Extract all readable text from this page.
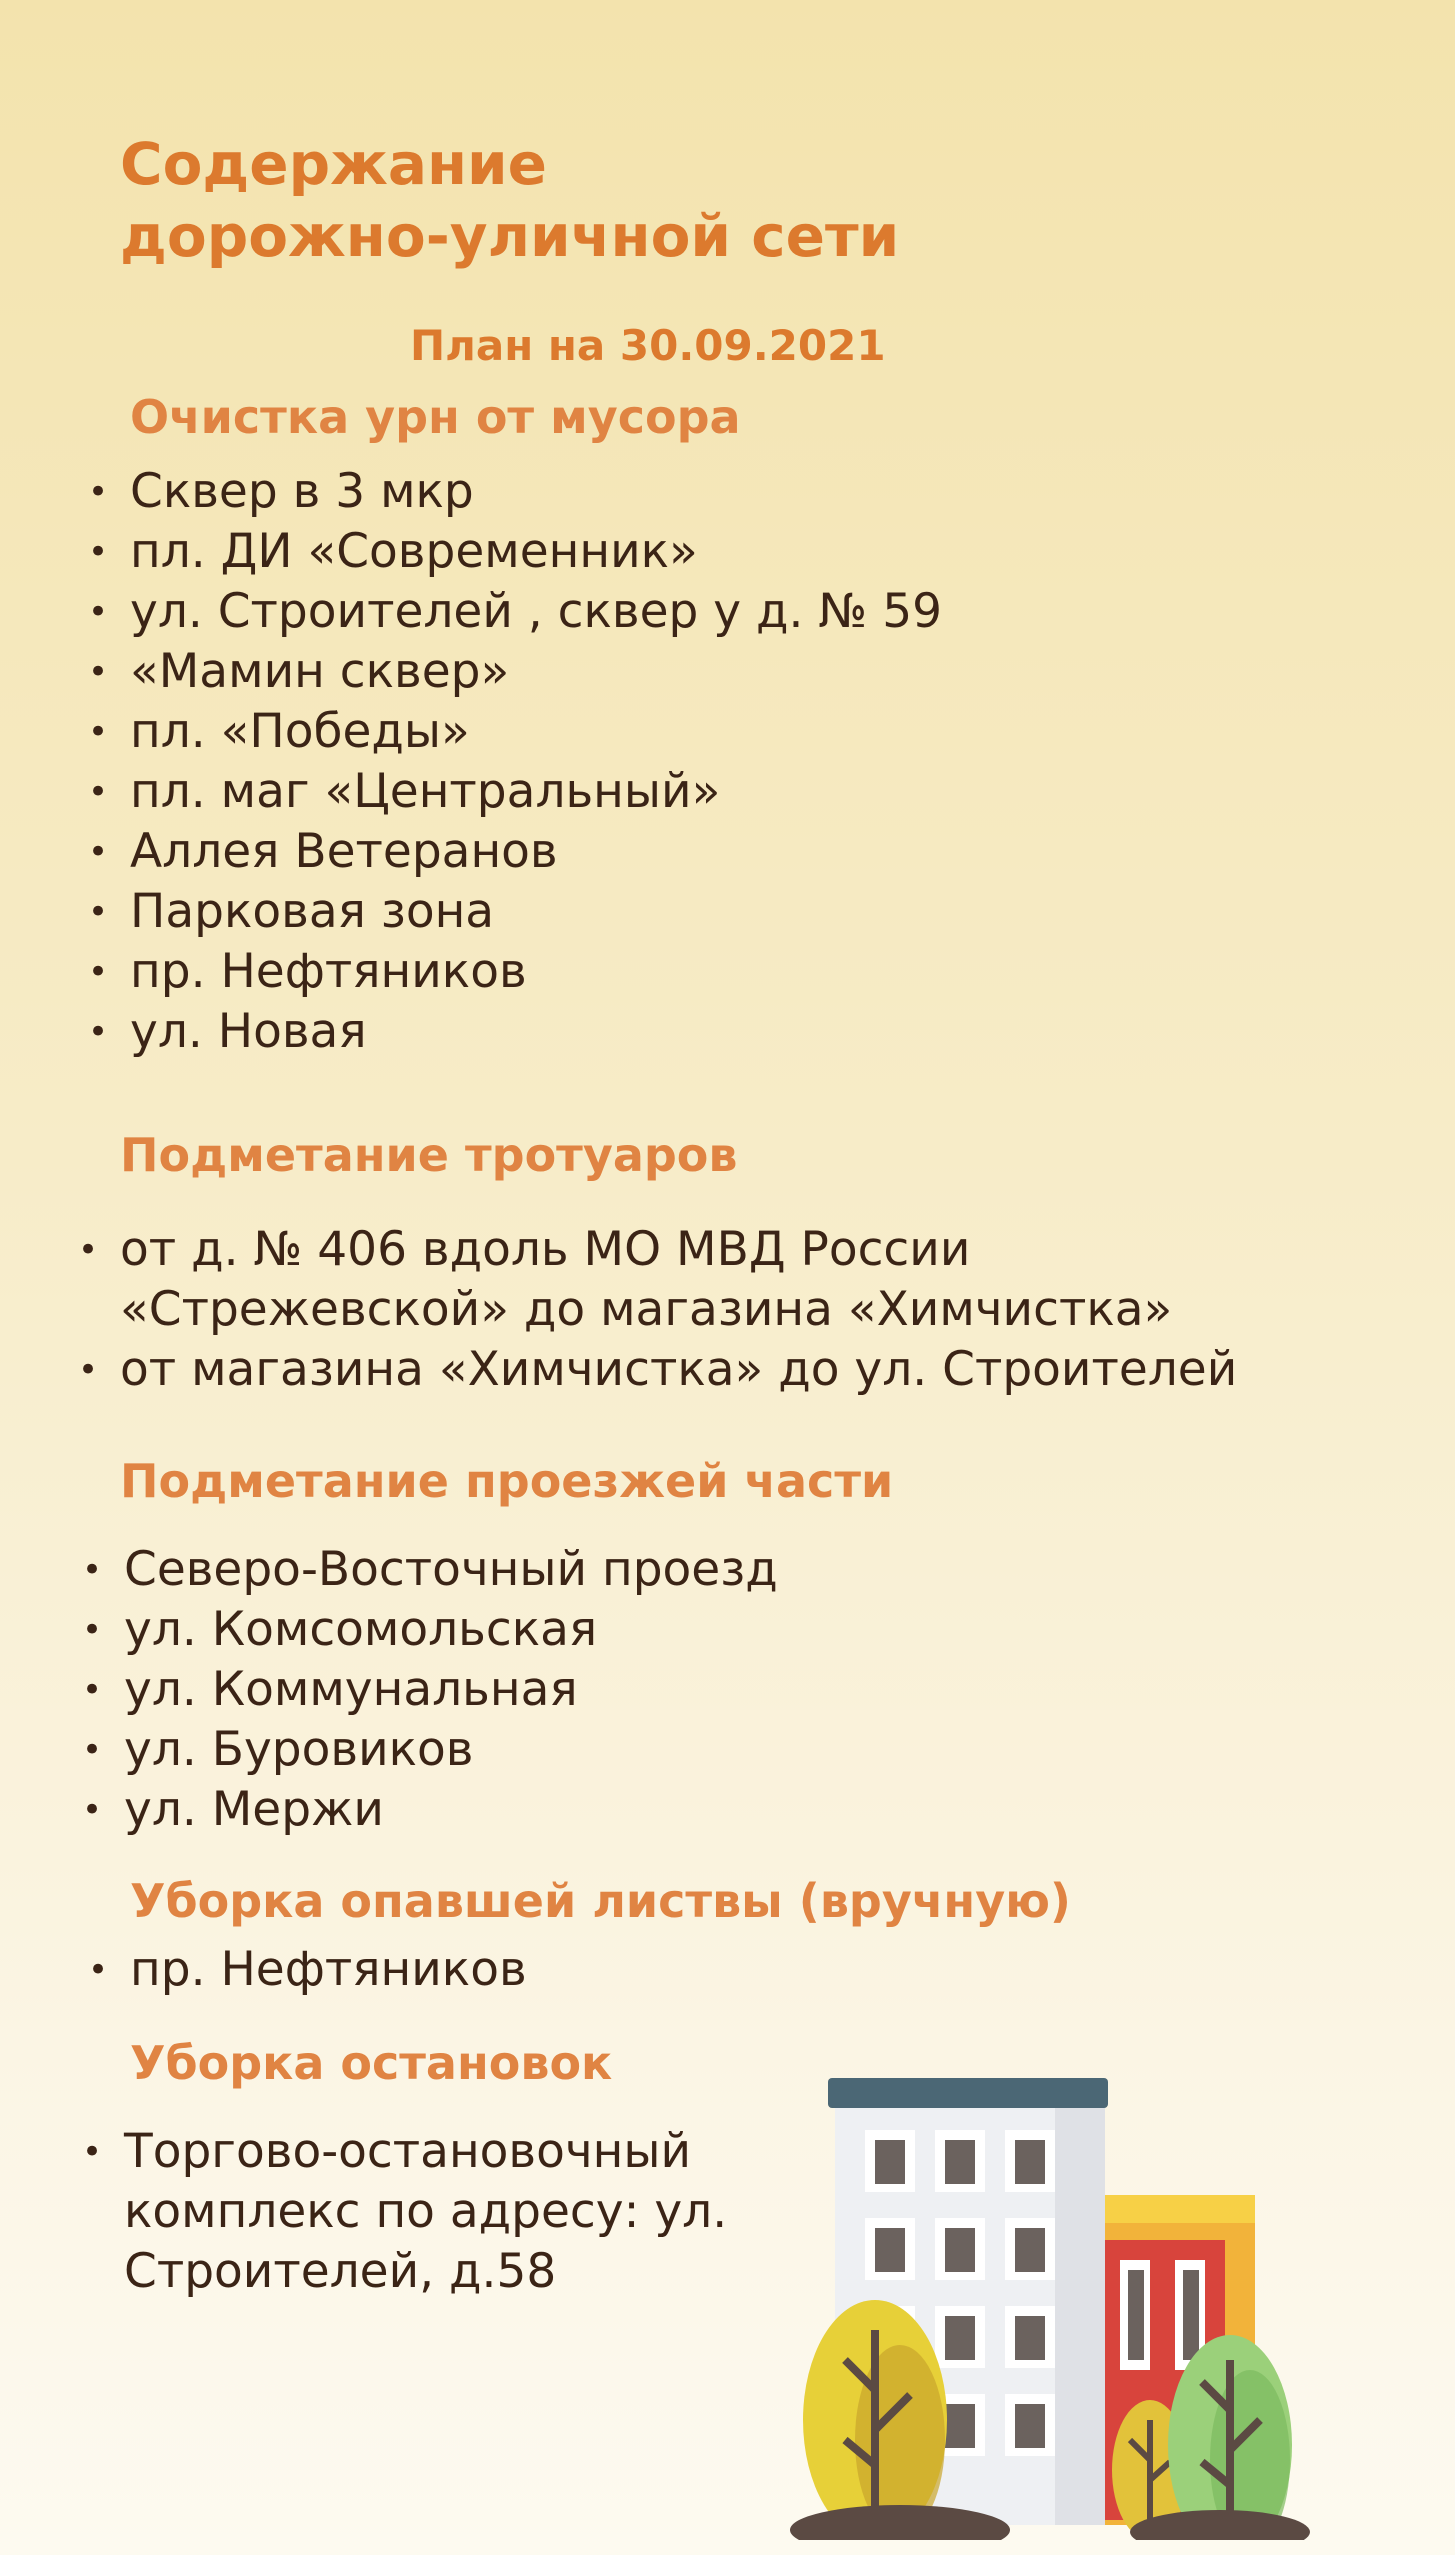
Содержание
дорожно-уличной сети
План на 30.09.2021
Очистка урн от мусора
• Сквер в 3 мкр
• пл. ДИ «Современник»
• ул. Строителей , сквер у д. № 59
• «Мамин сквер»
• пл. «Победы»
• пл. маг «Центральный»
• Аллея Ветеранов
• Парковая зона
• пр. Нефтяников
• ул. Новая
Подметание тротуаров
• от д. № 406 вдоль МО МВД России
«Стрежевской» до магазина «Химчистка»
• от магазина «Химчистка» до ул. Строителей
Подметание проезжей части
• Северо-Восточный проезд
• ул. Комсомольская
• ул. Коммунальная
• ул. Буровиков
• ул. Мержи
Уборка опавшей листвы (вручную)
• пр. Нефтяников
Уборка остановок
• Торгово-остановочный
комплекс по адресу: ул.
Строителей, д.58
